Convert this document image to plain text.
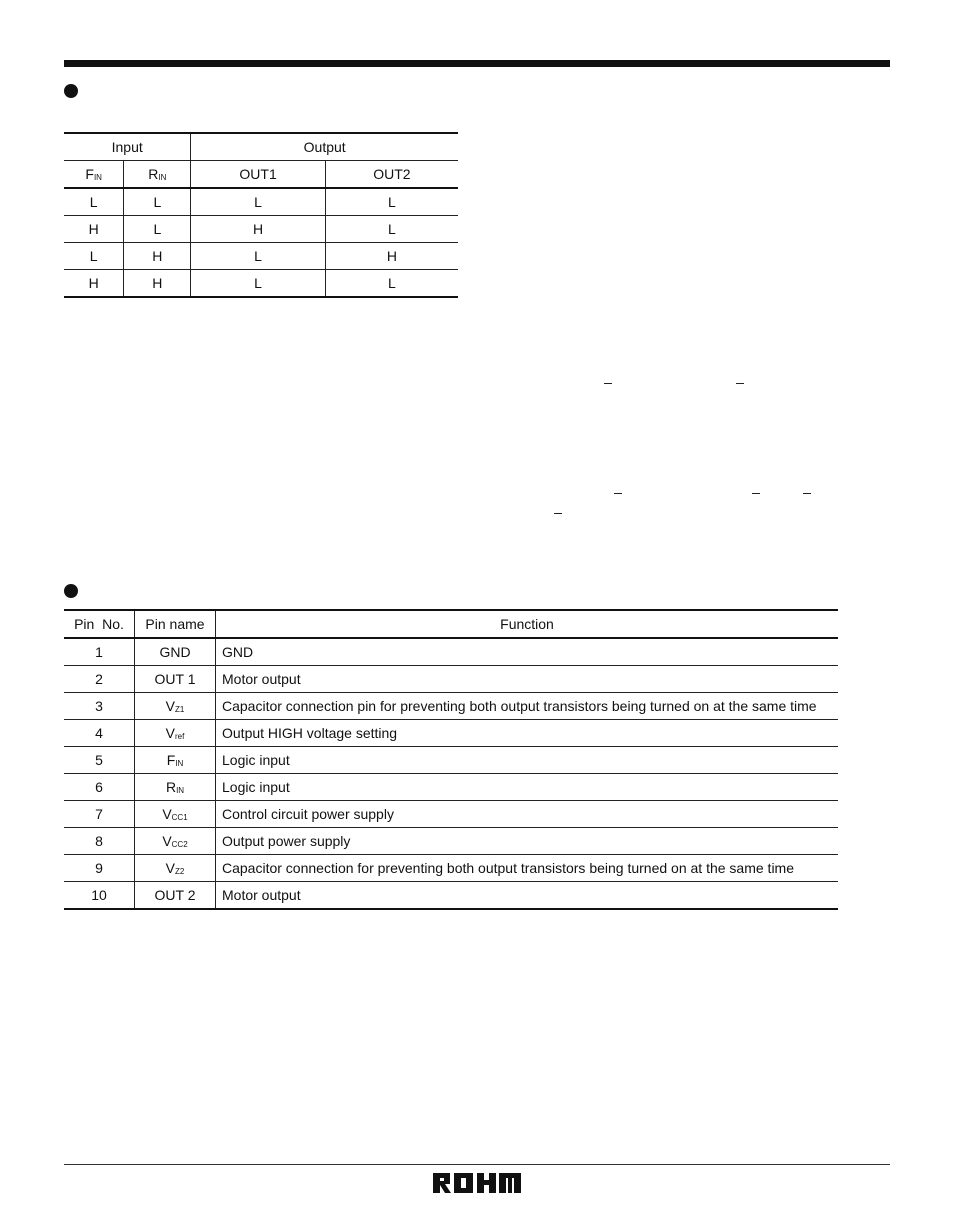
Input		Output	
FIN	RIN	OUT1	OUT2
L	L	L	L
H	L	H	L
L	H	L	H
H	H	L	L
Pin  No.	Pin name	Function
1	GND	GND
2	OUT 1	Motor output
3	VZ1	Capacitor connection pin for preventing both output transistors being turned on at the same time
4	Vref	Output HIGH voltage setting
5	FIN	Logic input
6	RIN	Logic input
7	VCC1	Control circuit power supply
8	VCC2	Output power supply
9	VZ2	Capacitor connection for preventing both output transistors being turned on at the same time
10	OUT 2	Motor output
